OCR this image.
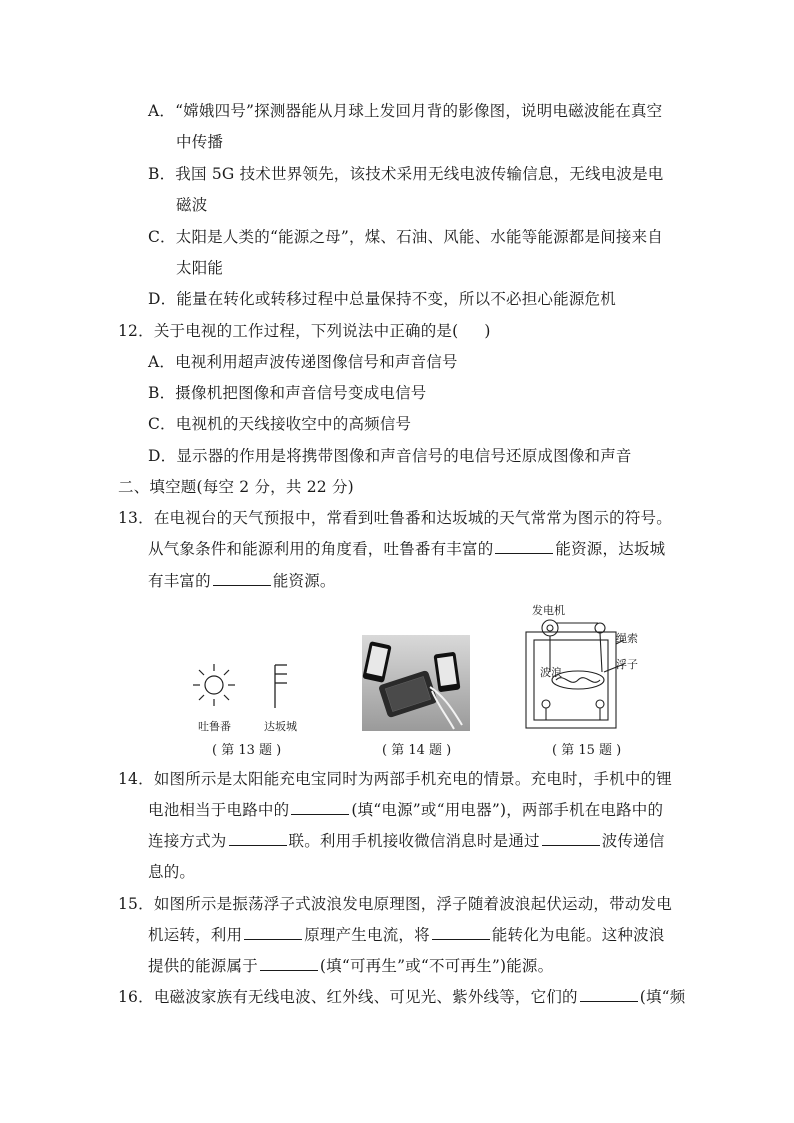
A．“嫦娥四号”探测器能从月球上发回月背的影像图，说明电磁波能在真空
中传播
B．我国 5G 技术世界领先，该技术采用无线电波传输信息，无线电波是电
磁波
C．太阳是人类的“能源之母”，煤、石油、风能、水能等能源都是间接来自
太阳能
D．能量在转化或转移过程中总量保持不变，所以不必担心能源危机
12．关于电视的工作过程，下列说法中正确的是( )
A．电视利用超声波传递图像信号和声音信号
B．摄像机把图像和声音信号变成电信号
C．电视机的天线接收空中的高频信号
D．显示器的作用是将携带图像和声音信号的电信号还原成图像和声音
二、填空题(每空 2 分，共 22 分)
13．在电视台的天气预报中，常看到吐鲁番和达坂城的天气常常为图示的符号。
从气象条件和能源利用的角度看，吐鲁番有丰富的	能资源，达坂城
有丰富的	能资源。
吐鲁番	达坂城
( 第 13 题 )	( 第 14 题 )
发电机
绳索
浮子
波浪
( 第 15 题 )
14．如图所示是太阳能充电宝同时为两部手机充电的情景。充电时，手机中的锂
电池相当于电路中的	(填“电源”或“用电器”)，两部手机在电路中的
连接方式为	联。利用手机接收微信消息时是通过	波传递信
息的。
15．如图所示是振荡浮子式波浪发电原理图，浮子随着波浪起伏运动，带动发电
机运转，利用	原理产生电流，将	能转化为电能。这种波浪
提供的能源属于	(填“可再生”或“不可再生”)能源。
16．电磁波家族有无线电波、红外线、可见光、紫外线等，它们的	(填“频
